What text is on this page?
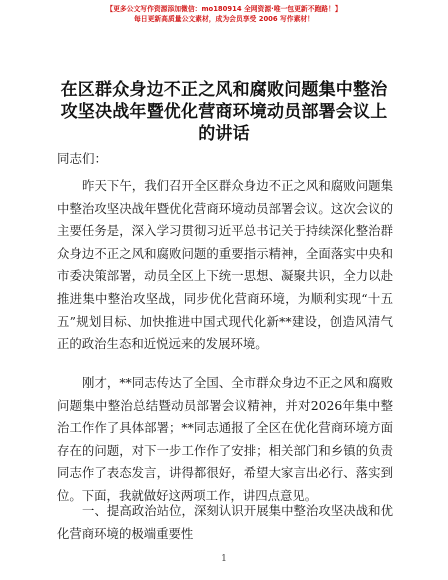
【更多公文写作资源添加微信：mo180914 全网资源·唯一包更新不跑路！】
每日更新高质量公文素材，成为会员享受 2006 写作素材！
在区群众身边不正之风和腐败问题集中整治攻坚决战年暨优化营商环境动员部署会议上的讲话
同志们：

昨天下午，我们召开全区群众身边不正之风和腐败问题集中整治攻坚决战年暨优化营商环境动员部署会议。这次会议的主要任务是，深入学习贯彻习近平总书记关于持续深化整治群众身边不正之风和腐败问题的重要指示精神，全面落实中央和市委决策部署，动员全区上下统一思想、凝聚共识，全力以赴推进集中整治攻坚战，同步优化营商环境，为顺利实现“十五五”规划目标、加快推进中国式现代化新**建设，创造风清气正的政治生态和近悦远来的发展环境。

刚才，**同志传达了全国、全市群众身边不正之风和腐败问题集中整治总结暨动员部署会议精神，并对2026年集中整治工作作了具体部署；**同志通报了全区在优化营商环境方面存在的问题，对下一步工作作了安排；相关部门和乡镇的负责同志作了表态发言，讲得都很好，希望大家言出必行、落实到位。下面，我就做好这两项工作，讲四点意见。

一、提高政治站位，深刻认识开展集中整治攻坚决战和优化营商环境的极端重要性

1
